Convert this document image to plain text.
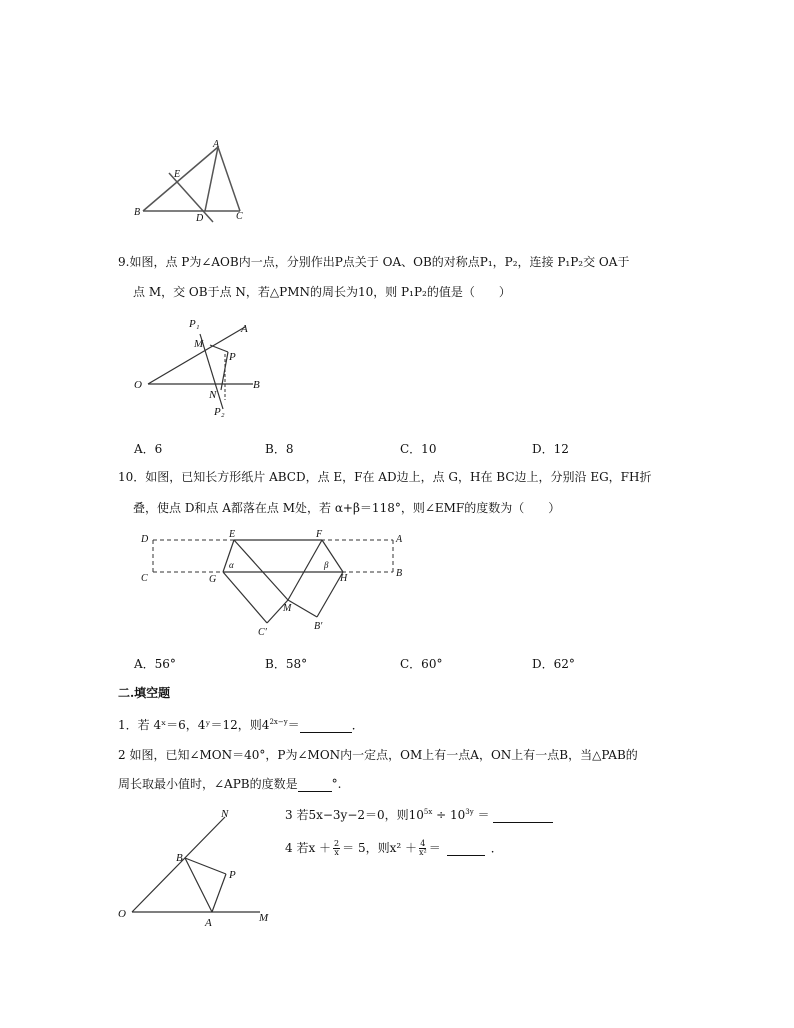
A
E
B
D	C
9.如图，点 P为∠AOB内一点，分别作出P点关于 OA、OB的对称点P₁，P₂，连接 P₁P₂交 OA于
点 M，交 OB于点 N，若△PMN的周长为10，则 P₁P₂的值是（　　）
P₁	A
M
P
O	B
N
P₂
A．6	B．8	C．10	D．12
10．如图，已知长方形纸片 ABCD，点 E，F在 AD边上，点 G，H在 BC边上，分别沿 EG，FH折
叠，使点 D和点 A都落在点 M处，若 α+β＝118°，则∠EMF的度数为（　　）
D	E	F	A
C	G
α	β
H	B
M
C′
B′
A．56°	B．58°	C．60°	D．62°
二.填空题
1．若 4ˣ＝6，4ʸ＝12，则$4^{2x-y}=$	．
2 如图，已知∠MON＝40°，P为∠MON内一定点，OM上有一点A，ON上有一点B，当△PAB的
周长取最小值时，∠APB的度数是	°.
N
B
P
O
A	M
3 若5x−3y−2＝0，则$10^{5x} \div 10^{3y}$ ＝
4 若$x + \frac{2}{x} = 5$，则$x^2 + \frac{4}{\text{x²}}$ ＝
	．
